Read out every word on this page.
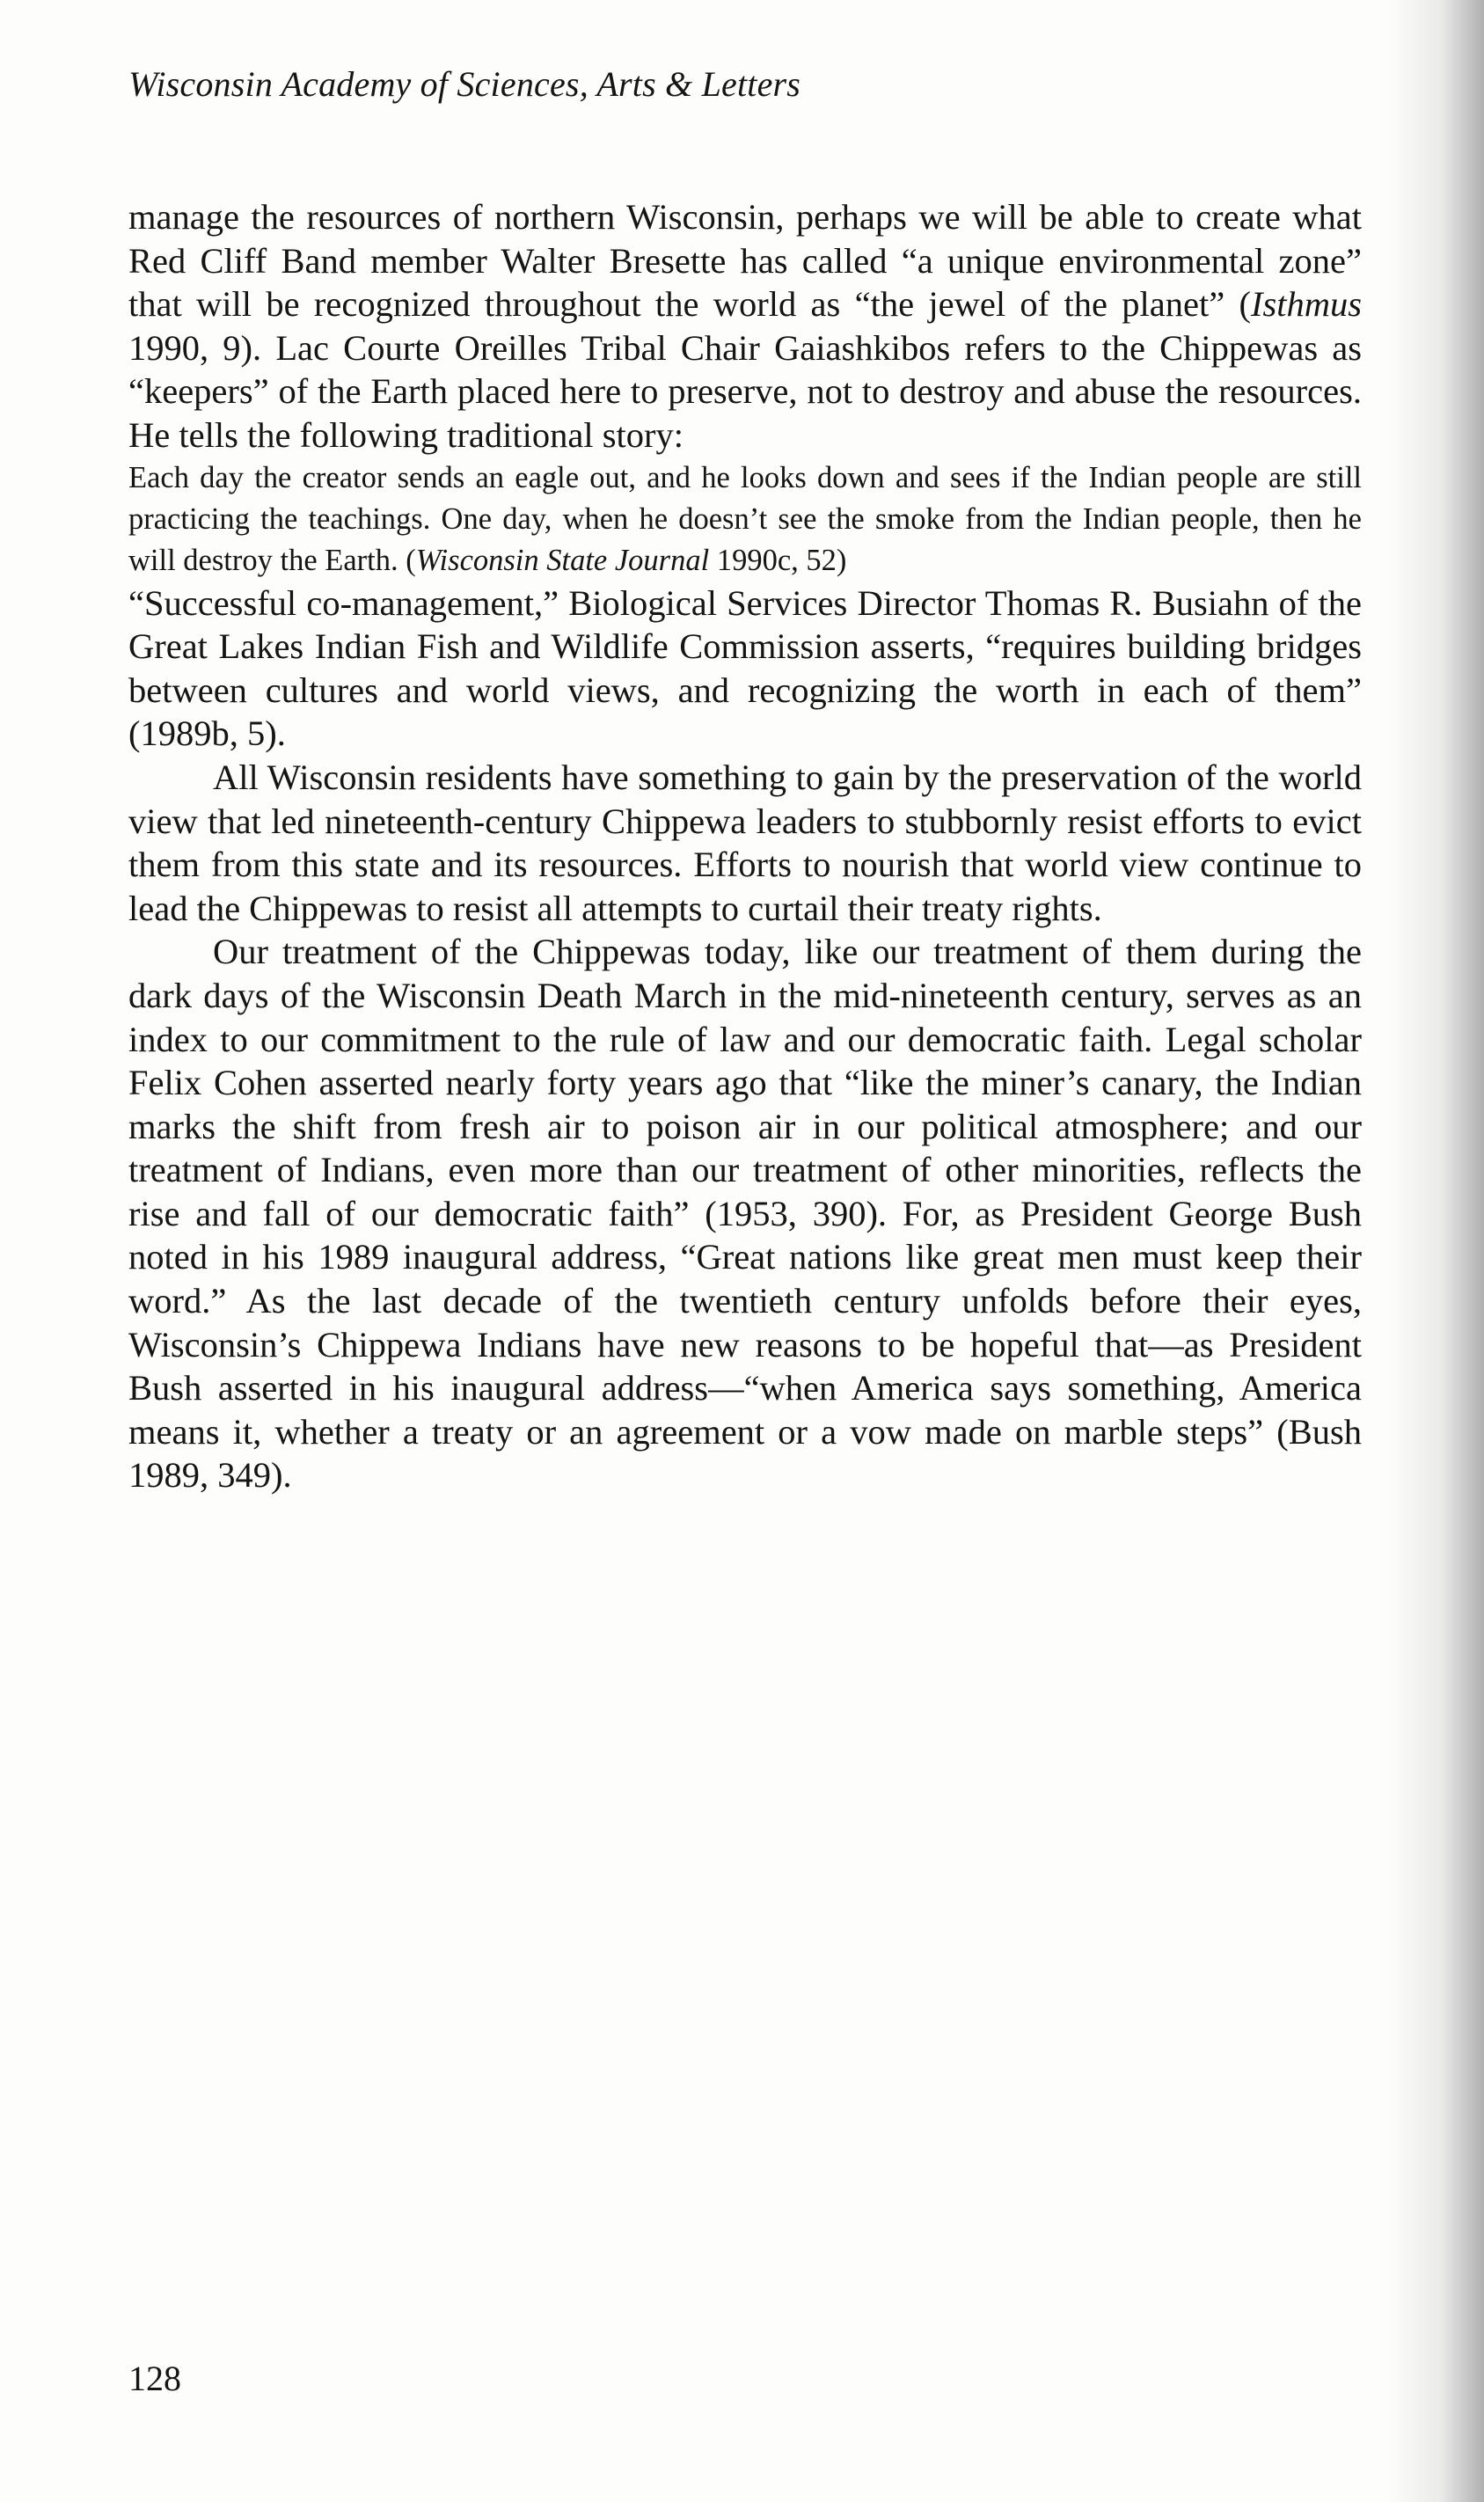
Wisconsin Academy of Sciences, Arts & Letters

manage the resources of northern Wisconsin, perhaps we will be able to create what Red Cliff Band member Walter Bresette has called “a unique environmental zone” that will be recognized throughout the world as “the jewel of the planet” (Isthmus 1990, 9). Lac Courte Oreilles Tribal Chair Gaiashkibos refers to the Chippewas as “keepers” of the Earth placed here to preserve, not to destroy and abuse the resources. He tells the following traditional story:

Each day the creator sends an eagle out, and he looks down and sees if the Indian people are still practicing the teachings. One day, when he doesn’t see the smoke from the Indian people, then he will destroy the Earth. (Wisconsin State Journal 1990c, 52)

“Successful co-management,” Biological Services Director Thomas R. Busiahn of the Great Lakes Indian Fish and Wildlife Commission asserts, “requires building bridges between cultures and world views, and recognizing the worth in each of them” (1989b, 5).

All Wisconsin residents have something to gain by the preservation of the world view that led nineteenth-century Chippewa leaders to stubbornly resist efforts to evict them from this state and its resources. Efforts to nourish that world view continue to lead the Chippewas to resist all attempts to curtail their treaty rights.

Our treatment of the Chippewas today, like our treatment of them during the dark days of the Wisconsin Death March in the mid-nineteenth century, serves as an index to our commitment to the rule of law and our democratic faith. Legal scholar Felix Cohen asserted nearly forty years ago that “like the miner’s canary, the Indian marks the shift from fresh air to poison air in our political atmosphere; and our treatment of Indians, even more than our treatment of other minorities, reflects the rise and fall of our democratic faith” (1953, 390). For, as President George Bush noted in his 1989 inaugural address, “Great nations like great men must keep their word.” As the last decade of the twentieth century unfolds before their eyes, Wisconsin’s Chippewa Indians have new reasons to be hopeful that—as President Bush asserted in his inaugural address—“when America says something, America means it, whether a treaty or an agreement or a vow made on marble steps” (Bush 1989, 349).

128
